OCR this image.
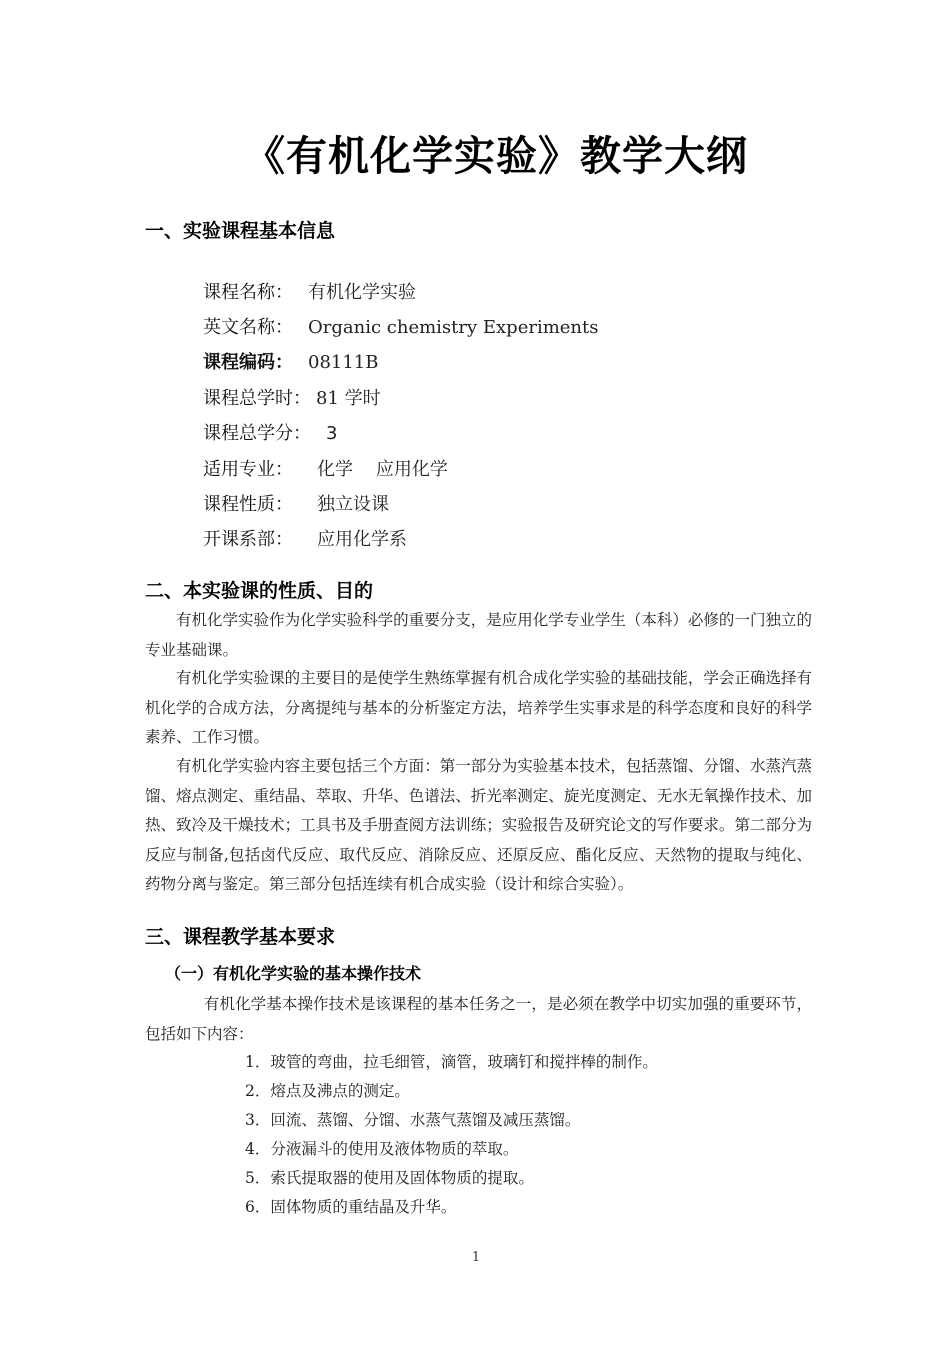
《有机化学实验》教学大纲
一、实验课程基本信息
课程名称： 有机化学实验
英文名称： Organic chemistry Experiments
课程编码： 08111B
课程总学时： 81 学时
课程总学分： 3
适用专业： 化学    应用化学
课程性质： 独立设课
开课系部： 应用化学系
二、本实验课的性质、目的

有机化学实验作为化学实验科学的重要分支，是应用化学专业学生（本科）必修的一门独立的专业基础课。

有机化学实验课的主要目的是使学生熟练掌握有机合成化学实验的基础技能，学会正确选择有机化学的合成方法，分离提纯与基本的分析鉴定方法，培养学生实事求是的科学态度和良好的科学素养、工作习惯。

有机化学实验内容主要包括三个方面：第一部分为实验基本技术，包括蒸馏、分馏、水蒸汽蒸馏、熔点测定、重结晶、萃取、升华、色谱法、折光率测定、旋光度测定、无水无氧操作技术、加热、致冷及干燥技术；工具书及手册查阅方法训练；实验报告及研究论文的写作要求。第二部分为反应与制备,包括卤代反应、取代反应、消除反应、还原反应、酯化反应、天然物的提取与纯化、药物分离与鉴定。第三部分包括连续有机合成实验（设计和综合实验）。

三、课程教学基本要求
（一）有机化学实验的基本操作技术

有机化学基本操作技术是该课程的基本任务之一，是必须在教学中切实加强的重要环节，包括如下内容：

1．玻管的弯曲，拉毛细管，滴管，玻璃钉和搅拌棒的制作。
2．熔点及沸点的测定。
3．回流、蒸馏、分馏、水蒸气蒸馏及减压蒸馏。
4．分液漏斗的使用及液体物质的萃取。
5．索氏提取器的使用及固体物质的提取。
6．固体物质的重结晶及升华。
1
